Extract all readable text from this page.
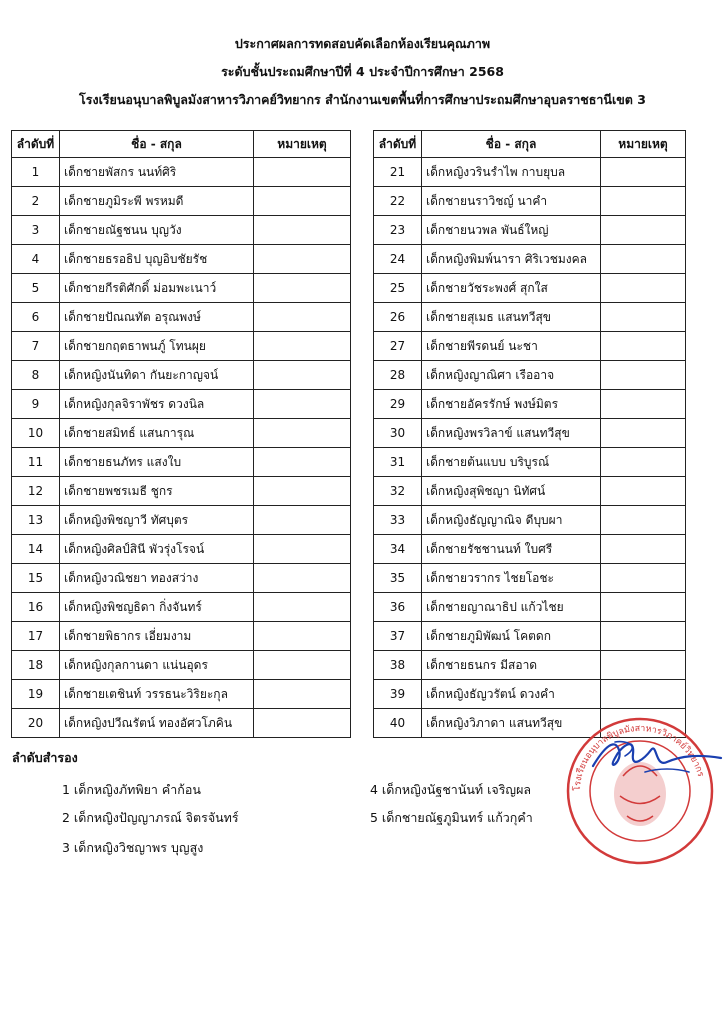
ประกาศผลการทดสอบคัดเลือกห้องเรียนคุณภาพ
ระดับชั้นประถมศึกษาปีที่ 4 ประจำปีการศึกษา 2568
โรงเรียนอนุบาลพิบูลมังสาหารวิภาคย์วิทยากร สำนักงานเขตพื้นที่การศึกษาประถมศึกษาอุบลราชธานีเขต 3
ลำดับที่	ชื่อ - สกุล	หมายเหตุ
1	เด็กชายพัสกร นนท์ศิริ	
2	เด็กชายภูมิระพี พรหมดี	
3	เด็กชายณัฐชนน บุญวัง	
4	เด็กชายธรอธิป บุญอิบชัยรัช	
5	เด็กชายกีรติศักดิ์ ม่อมพะเนาว์	
6	เด็กชายปัณณทัต อรุณพงษ์	
7	เด็กชายกฤตธาพนภู์ โทนผุย	
8	เด็กหญิงนันทิดา กันยะกาญจน์	
9	เด็กหญิงกุลจิราพัชร ดวงนิล	
10	เด็กชายสมิทธ์ แสนการุณ	
11	เด็กชายธนภัทร แสงใบ	
12	เด็กชายพชรเมธี ชูกร	
13	เด็กหญิงพิชญาวี ทัศบุตร	
14	เด็กหญิงศิลป์สินี พัวรุ่งโรจน์	
15	เด็กหญิงวณิชยา ทองสว่าง	
16	เด็กหญิงพิชญธิดา กิ่งจันทร์	
17	เด็กชายพิธากร เอี่ยมงาม	
18	เด็กหญิงกุลกานดา แน่นอุดร	
19	เด็กชายเตชินท์ วรรธนะวิริยะกุล	
20	เด็กหญิงปวีณรัตน์ ทองอัศวโภคิน	
ลำดับที่	ชื่อ - สกุล	หมายเหตุ
21	เด็กหญิงวรินรำไพ กาบยุบล	
22	เด็กชายนราวิชญ์ นาคำ	
23	เด็กชายนวพล พันธ์ใหญ่	
24	เด็กหญิงพิมพ์นารา ศิริเวชมงคล	
25	เด็กชายวัชระพงศ์ สุกใส	
26	เด็กชายสุเมธ แสนทวีสุข	
27	เด็กชายพีรดนย์ นะชา	
28	เด็กหญิงญาณิศา เรืออาจ	
29	เด็กชายอัครรักษ์ พงษ์มิตร	
30	เด็กหญิงพรวิลาข์ แสนทวีสุข	
31	เด็กชายต้นแบบ บริบูรณ์	
32	เด็กหญิงสุพิชญา นิทัศน์	
33	เด็กหญิงธัญญาณิจ ดีบุบผา	
34	เด็กชายรัชชานนท์ ใบศรี	
35	เด็กชายวรากร ไชยโอชะ	
36	เด็กชายญาณาธิป แก้วไชย	
37	เด็กชายภูมิพัฒน์ โคตดก	
38	เด็กชายธนกร มีสอาด	
39	เด็กหญิงธัญวรัตน์ ดวงคำ	
40	เด็กหญิงวิภาดา แสนทวีสุข	
ลำดับสำรอง
1 เด็กหญิงภัทพิยา คำก้อน
2 เด็กหญิงปัญญาภรณ์ จิตรจันทร์
3 เด็กหญิงวิชญาพร บุญสูง
4 เด็กหญิงนัฐชานันท์ เจริญผล
5 เด็กชายณัฐภูมินทร์ แก้วกุคำ
โรงเรียนอนุบาลพิบูลมังสาหารวิภาคย์วิทยากร
